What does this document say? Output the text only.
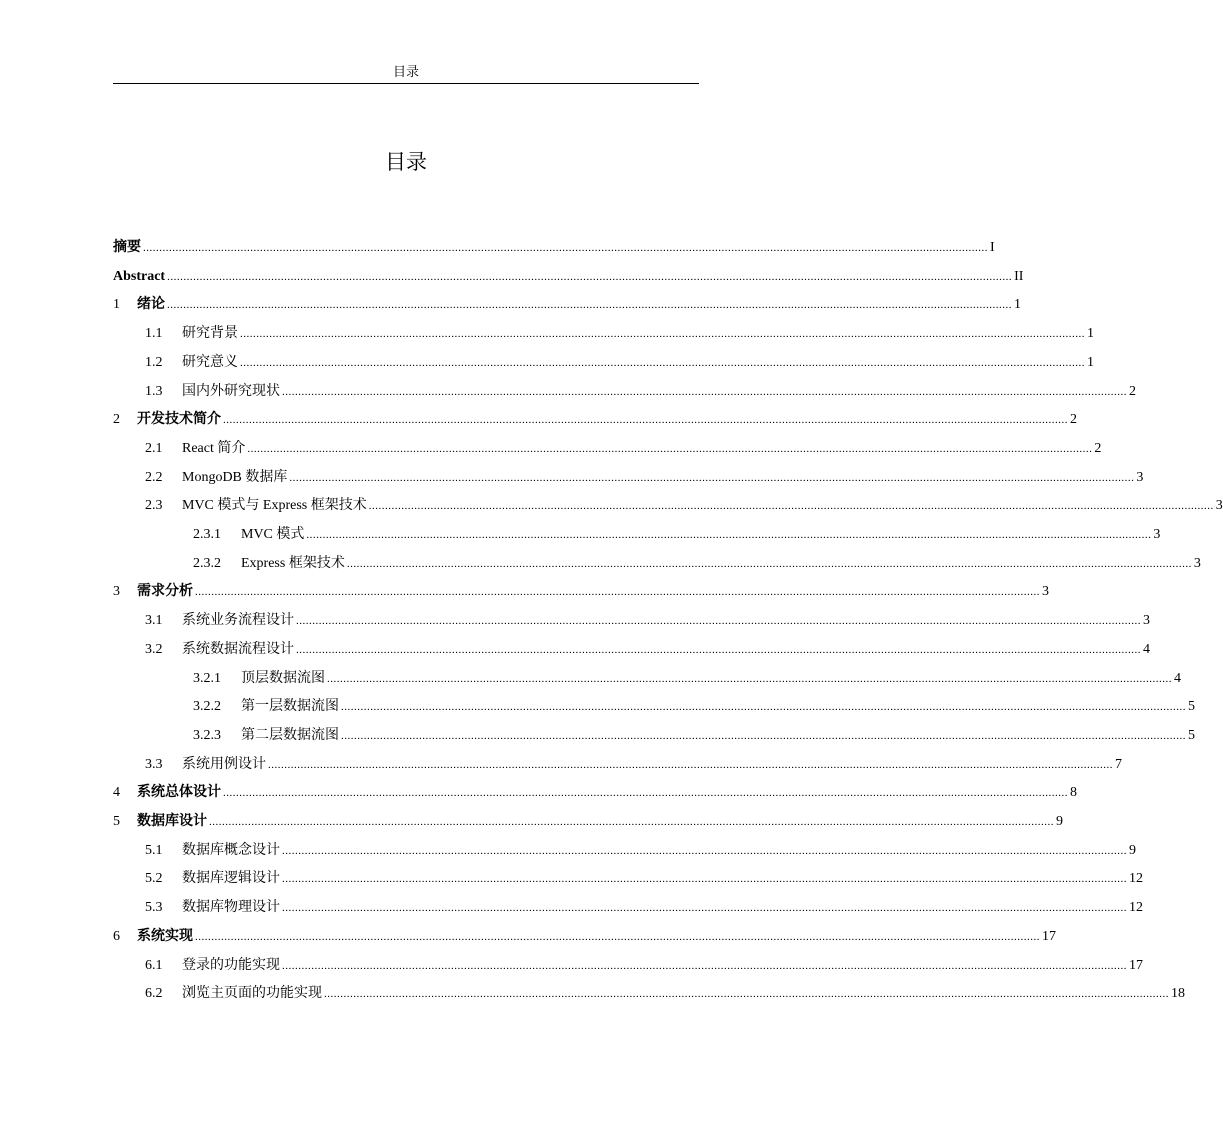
目录
目录
摘要 .................................................................................................................................................................................................................................................................... I
Abstract .................................................................................................................................................................................................................................................................... II
1	绪论 .................................................................................................................................................................................................................................................................... 1
1.1	研究背景 .................................................................................................................................................................................................................................................................... 1
1.2	研究意义 .................................................................................................................................................................................................................................................................... 1
1.3	国内外研究现状 .................................................................................................................................................................................................................................................................... 2
2	开发技术简介 .................................................................................................................................................................................................................................................................... 2
2.1	React 简介 .................................................................................................................................................................................................................................................................... 2
2.2	MongoDB 数据库 .................................................................................................................................................................................................................................................................... 3
2.3	MVC 模式与 Express 框架技术 .................................................................................................................................................................................................................................................................... 3
2.3.1	MVC 模式 .................................................................................................................................................................................................................................................................... 3
2.3.2	Express 框架技术 .................................................................................................................................................................................................................................................................... 3
3	需求分析 .................................................................................................................................................................................................................................................................... 3
3.1	系统业务流程设计 .................................................................................................................................................................................................................................................................... 3
3.2	系统数据流程设计 .................................................................................................................................................................................................................................................................... 4
3.2.1	顶层数据流图 .................................................................................................................................................................................................................................................................... 4
3.2.2	第一层数据流图 .................................................................................................................................................................................................................................................................... 5
3.2.3	第二层数据流图 .................................................................................................................................................................................................................................................................... 5
3.3	系统用例设计 .................................................................................................................................................................................................................................................................... 7
4	系统总体设计 .................................................................................................................................................................................................................................................................... 8
5	数据库设计 .................................................................................................................................................................................................................................................................... 9
5.1	数据库概念设计 .................................................................................................................................................................................................................................................................... 9
5.2	数据库逻辑设计 .................................................................................................................................................................................................................................................................... 12
5.3	数据库物理设计 .................................................................................................................................................................................................................................................................... 12
6	系统实现 .................................................................................................................................................................................................................................................................... 17
6.1	登录的功能实现 .................................................................................................................................................................................................................................................................... 17
6.2	浏览主页面的功能实现 .................................................................................................................................................................................................................................................................... 18
